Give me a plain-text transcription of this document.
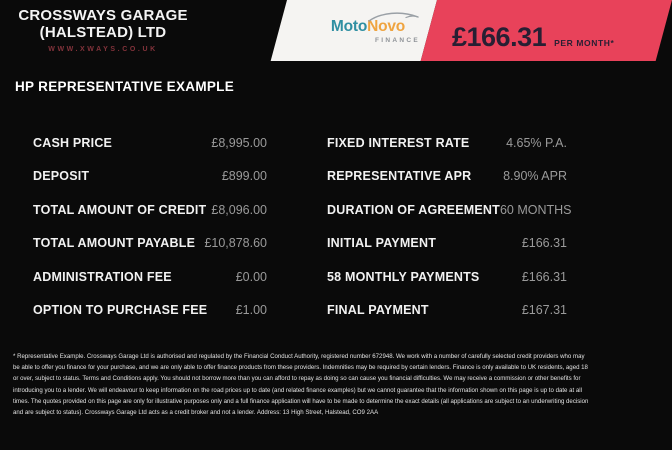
CROSSWAYS GARAGE
(HALSTEAD) LTD
WWW.XWAYS.CO.UK
MotoNovo
FINANCE £166.31 PER MONTH*
HP REPRESENTATIVE EXAMPLE
CASH PRICE	£8,995.00
DEPOSIT	£899.00
TOTAL AMOUNT OF CREDIT £8,096.00
TOTAL AMOUNT PAYABLE £10,878.60
ADMINISTRATION FEE	£0.00
OPTION TO PURCHASE FEE £1.00
FIXED INTEREST RATE	4.65% P.A.
REPRESENTATIVE APR	8.90% APR
DURATION OF AGREEMENT 60 MONTHS
INITIAL PAYMENT	£166.31
58 MONTHLY PAYMENTS	£166.31
FINAL PAYMENT	£167.31

* Representative Example. Crossways Garage Ltd is authorised and regulated by the Financial Conduct Authority, registered number 672948. We work with a number of carefully selected credit providers who may be able to offer you finance for your purchase, and we are only able to offer finance products from these providers. Indemnities may be required by certain lenders. Finance is only available to UK residents, aged 18 or over, subject to status. Terms and Conditions apply. You should not borrow more than you can afford to repay as doing so can cause you financial difficulties. We may receive a commission or other benefits for introducing you to a lender. We will endeavour to keep information on the road prices up to date (and related finance examples) but we cannot guarantee that the information shown on this page is up to date at all times. The quotes provided on this page are only for illustrative purposes only and a full finance application will have to be made to determine the exact details (all applications are subject to an underwriting decision and are subject to status). Crossways Garage Ltd acts as a credit broker and not a lender. Address: 13 High Street, Halstead, CO9 2AA
